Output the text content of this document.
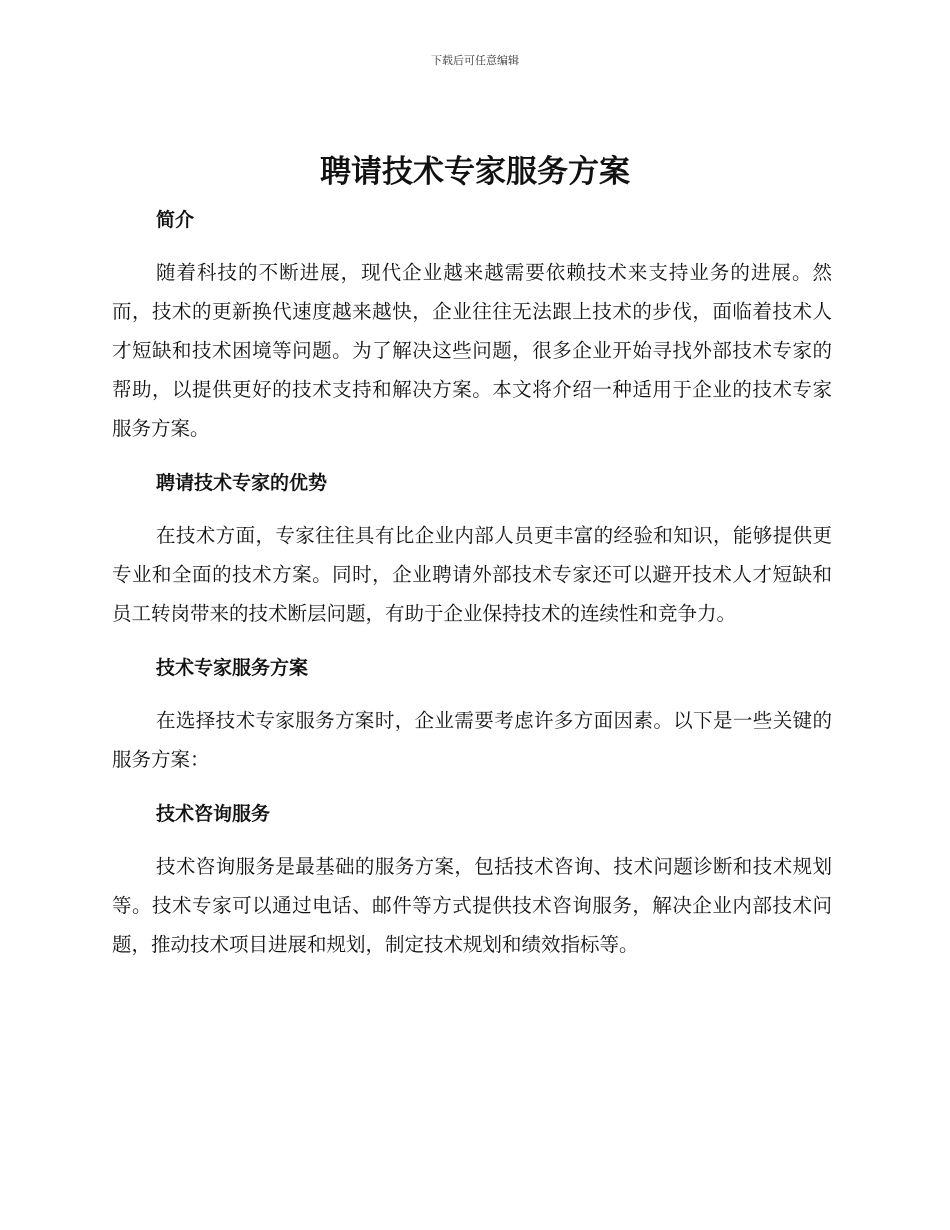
下载后可任意编辑
聘请技术专家服务方案
简介

随着科技的不断进展，现代企业越来越需要依赖技术来支持业务的进展。然而，技术的更新换代速度越来越快，企业往往无法跟上技术的步伐，面临着技术人才短缺和技术困境等问题。为了解决这些问题，很多企业开始寻找外部技术专家的帮助，以提供更好的技术支持和解决方案。本文将介绍一种适用于企业的技术专家服务方案。

聘请技术专家的优势

在技术方面，专家往往具有比企业内部人员更丰富的经验和知识，能够提供更专业和全面的技术方案。同时，企业聘请外部技术专家还可以避开技术人才短缺和员工转岗带来的技术断层问题，有助于企业保持技术的连续性和竞争力。

技术专家服务方案

在选择技术专家服务方案时，企业需要考虑许多方面因素。以下是一些关键的服务方案：

技术咨询服务

技术咨询服务是最基础的服务方案，包括技术咨询、技术问题诊断和技术规划等。技术专家可以通过电话、邮件等方式提供技术咨询服务，解决企业内部技术问题，推动技术项目进展和规划，制定技术规划和绩效指标等。
